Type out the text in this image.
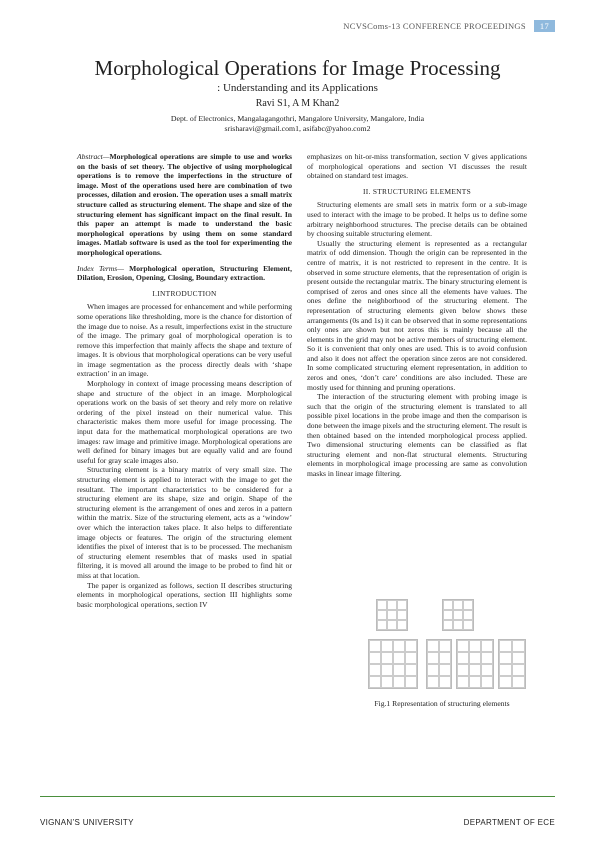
NCVSComs-13 CONFERENCE PROCEEDINGS 17
Morphological Operations for Image Processing
: Understanding and its Applications
Ravi S1, A M Khan2
Dept. of Electronics, Mangalagangothri, Mangalore University, Mangalore, India
srisharavi@gmail.com1, asifabc@yahoo.com2

Abstract—Morphological operations are simple to use and works on the basis of set theory. The objective of using morphological operations is to remove the imperfections in the structure of image. Most of the operations used here are combination of two processes, dilation and erosion. The operation uses a small matrix structure called as structuring element. The shape and size of the structuring element has significant impact on the final result. In this paper an attempt is made to understand the basic morphological operations by using them on some standard images. Matlab software is used as the tool for experimenting the morphological operations.

Index Terms— Morphological operation, Structuring Element, Dilation, Erosion, Opening, Closing, Boundary extraction.

I.INTRODUCTION

When images are processed for enhancement and while performing some operations like thresholding, more is the chance for distortion of the image due to noise. As a result, imperfections exist in the structure of the image. The primary goal of morphological operation is to remove this imperfection that mainly affects the shape and texture of images. It is obvious that morphological operations can be very useful in image segmentation as the process directly deals with ‘shape extraction’ in an image.

Morphology in context of image processing means description of shape and structure of the object in an image. Morphological operations work on the basis of set theory and rely more on relative ordering of the pixel instead on their numerical value. This characteristic makes them more useful for image processing. The input data for the mathematical morphological operations are two images: raw image and primitive image. Morphological operations are well defined for binary images but are equally valid and are found useful for gray scale images also.

Structuring element is a binary matrix of very small size. The structuring element is applied to interact with the image to get the resultant. The important characteristics to be considered for a structuring element are its shape, size and origin. Shape of the structuring element is the arrangement of ones and zeros in a pattern within the matrix. Size of the structuring element, acts as a ‘window’ over which the interaction takes place. It also helps to differentiate image objects or features. The origin of the structuring element identifies the pixel of interest that is to be processed. The mechanism of structuring element resembles that of masks used in spatial filtering, it is moved all around the image to be probed to find hit or miss at that location.

The paper is organized as follows, section II describes structuring elements in morphological operations, section III highlights some basic morphological operations, section IV

emphasizes on hit-or-miss transformation, section V gives applications of morphological operations and section VI discusses the result obtained on standard test images.

II. STRUCTURING ELEMENTS

Structuring elements are small sets in matrix form or a sub-image used to interact with the image to be probed. It helps us to define some arbitrary neighborhood structures. The precise details can be obtained by choosing suitable structuring element.

Usually the structuring element is represented as a rectangular matrix of odd dimension. Though the origin can be represented in the centre of matrix, it is not restricted to represent in the centre. It is observed in some structure elements, that the representation of origin is present outside the rectangular matrix. The binary structuring element is comprised of zeros and ones since all the elements have values. The ones define the neighborhood of the structuring element. The representation of structuring elements given below shows these arrangements (0s and 1s) it can be observed that in some representations only ones are shown but not zeros this is mainly because all the elements in the grid may not be active members of structuring element. So it is convenient that only ones are used. This is to avoid confusion and also it does not affect the operation since zeros are not considered. In some complicated structuring element representation, in addition to zeros and ones, ‘don’t care’ conditions are also included. These are mostly used for thinning and pruning operations.

The interaction of the structuring element with probing image is such that the origin of the structuring element is translated to all possible pixel locations in the probe image and then the comparison is done between the image pixels and the structuring element. The result is then obtained based on the intended morphological process applied. Two dimensional structuring elements can be classified as flat structuring element and non-flat structural elements. Structuring elements in morphological image processing are same as convolution masks in linear image filtering.

Fig.1 Representation of structuring elements
VIGNAN’S UNIVERSITY	DEPARTMENT OF ECE
